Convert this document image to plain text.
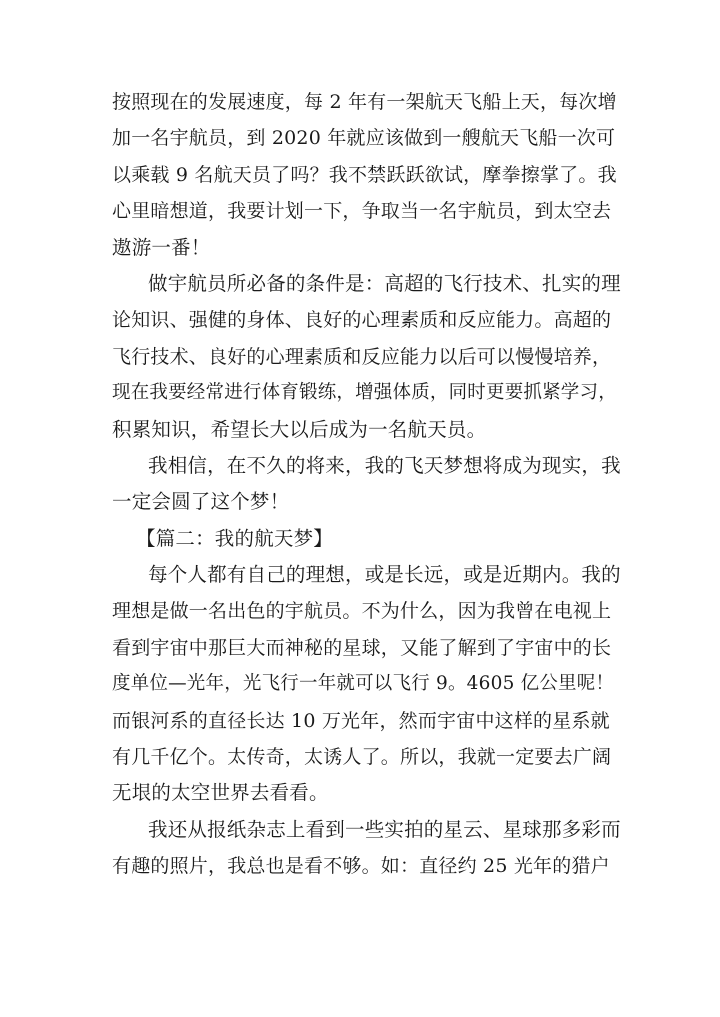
按照现在的发展速度，每 2 年有一架航天飞船上天，每次增
加一名宇航员，到 2020 年就应该做到一艘航天飞船一次可
以乘载 9 名航天员了吗？我不禁跃跃欲试，摩拳擦掌了。我
心里暗想道，我要计划一下，争取当一名宇航员，到太空去
遨游一番！
做宇航员所必备的条件是：高超的飞行技术、扎实的理
论知识、强健的身体、良好的心理素质和反应能力。高超的
飞行技术、良好的心理素质和反应能力以后可以慢慢培养，
现在我要经常进行体育锻练，增强体质，同时更要抓紧学习，
积累知识，希望长大以后成为一名航天员。
我相信，在不久的将来，我的飞天梦想将成为现实，我
一定会圆了这个梦！
【篇二：我的航天梦】
每个人都有自己的理想，或是长远，或是近期内。我的
理想是做一名出色的宇航员。不为什么，因为我曾在电视上
看到宇宙中那巨大而神秘的星球，又能了解到了宇宙中的长
度单位—光年，光飞行一年就可以飞行 9。4605 亿公里呢！
而银河系的直径长达 10 万光年，然而宇宙中这样的星系就
有几千亿个。太传奇，太诱人了。所以，我就一定要去广阔
无垠的太空世界去看看。
我还从报纸杂志上看到一些实拍的星云、星球那多彩而
有趣的照片，我总也是看不够。如：直径约 25 光年的猎户
